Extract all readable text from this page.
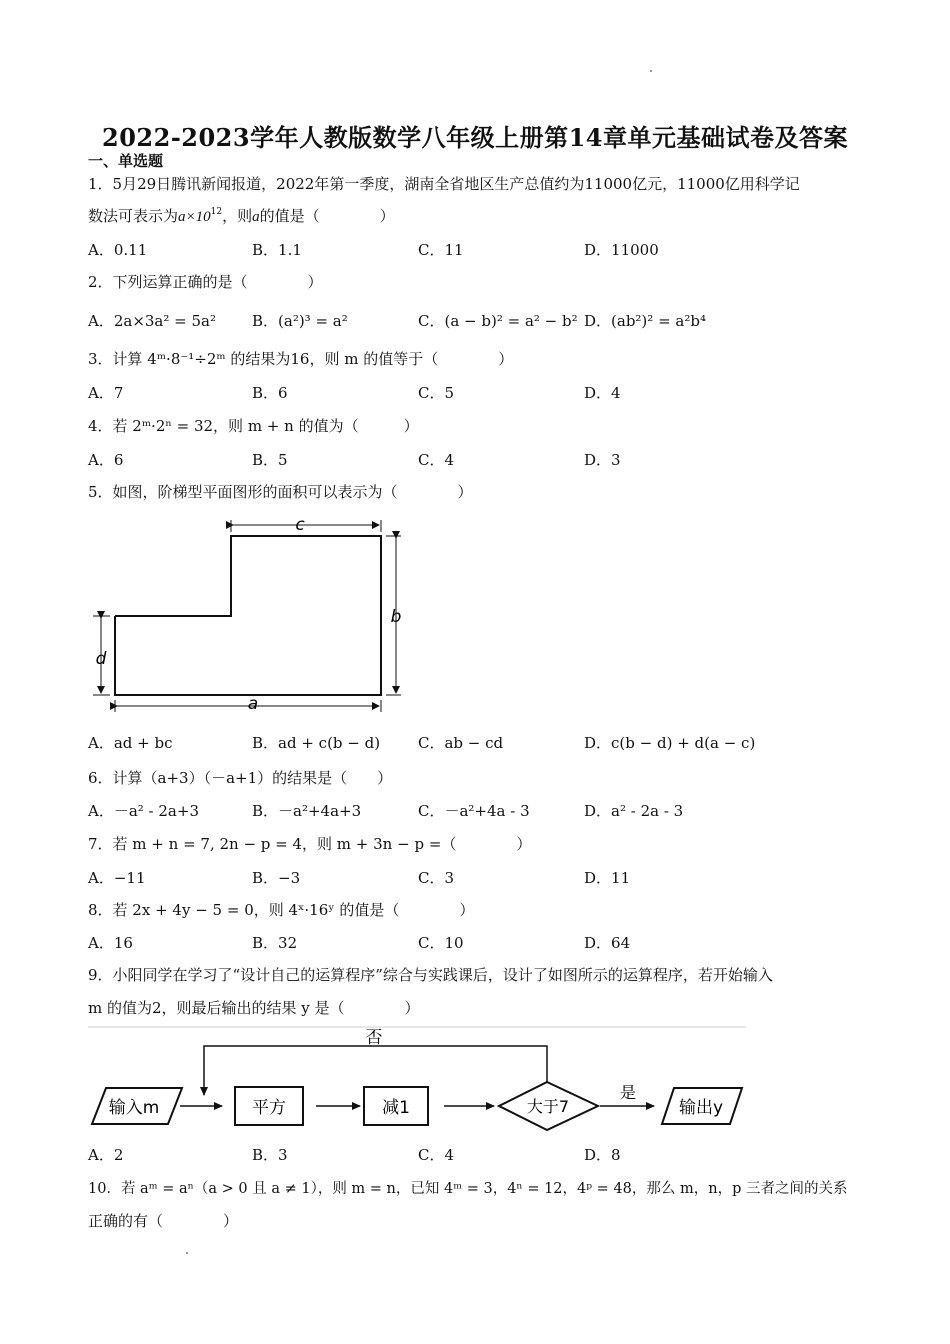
2022-2023学年人教版数学八年级上册第14章单元基础试卷及答案
一、单选题
1．5月29日腾讯新闻报道，2022年第一季度，湖南全省地区生产总值约为11000亿元，11000亿用科学记
数法可表示为$a\times 10^{12}$，则a的值是（　　　　）
A．0.11	B．1.1	C．11	D．11000
2．下列运算正确的是（　　　　）
A．2a×3a² = 5a² B．(a²)³ = a²	C．(a − b)² = a² − b² D．(ab²)² = a²b⁴
3．计算 4ᵐ·8⁻¹÷2ᵐ 的结果为16，则 m 的值等于（　　　　）
A．7	B．6	C．5	D．4
4．若 2ᵐ·2ⁿ = 32，则 m + n 的值为（　　　）
A．6	B．5	C．4	D．3
5．如图，阶梯型平面图形的面积可以表示为（　　　　）
c
b
d
a
A．ad + bc	B．ad + c(b − d)	C．ab − cd	D．c(b − d) + d(a − c)
6．计算（a+3）（－a+1）的结果是（　　）
A．－a² - 2a+3	B．－a²+4a+3	C．－a²+4a - 3	D．a² - 2a - 3
7．若 m + n = 7, 2n − p = 4，则 m + 3n − p =（　　　　）
A．−11	B．−3	C．3	D．11
8．若 2x + 4y − 5 = 0，则 4ˣ·16ʸ 的值是（　　　　）
A．16	B．32	C．10	D．64
9．小阳同学在学习了“设计自己的运算程序”综合与实践课后，设计了如图所示的运算程序，若开始输入
m 的值为2，则最后输出的结果 y 是（　　　　）
否
输入m	平方	减1	大于7
是
输出y
A．2	B．3	C．4	D．8
10．若 aᵐ = aⁿ（a > 0 且 a ≠ 1），则 m = n，已知 4ᵐ = 3，4ⁿ = 12，4ᵖ = 48，那么 m，n，p 三者之间的关系
正确的有（　　　　）
